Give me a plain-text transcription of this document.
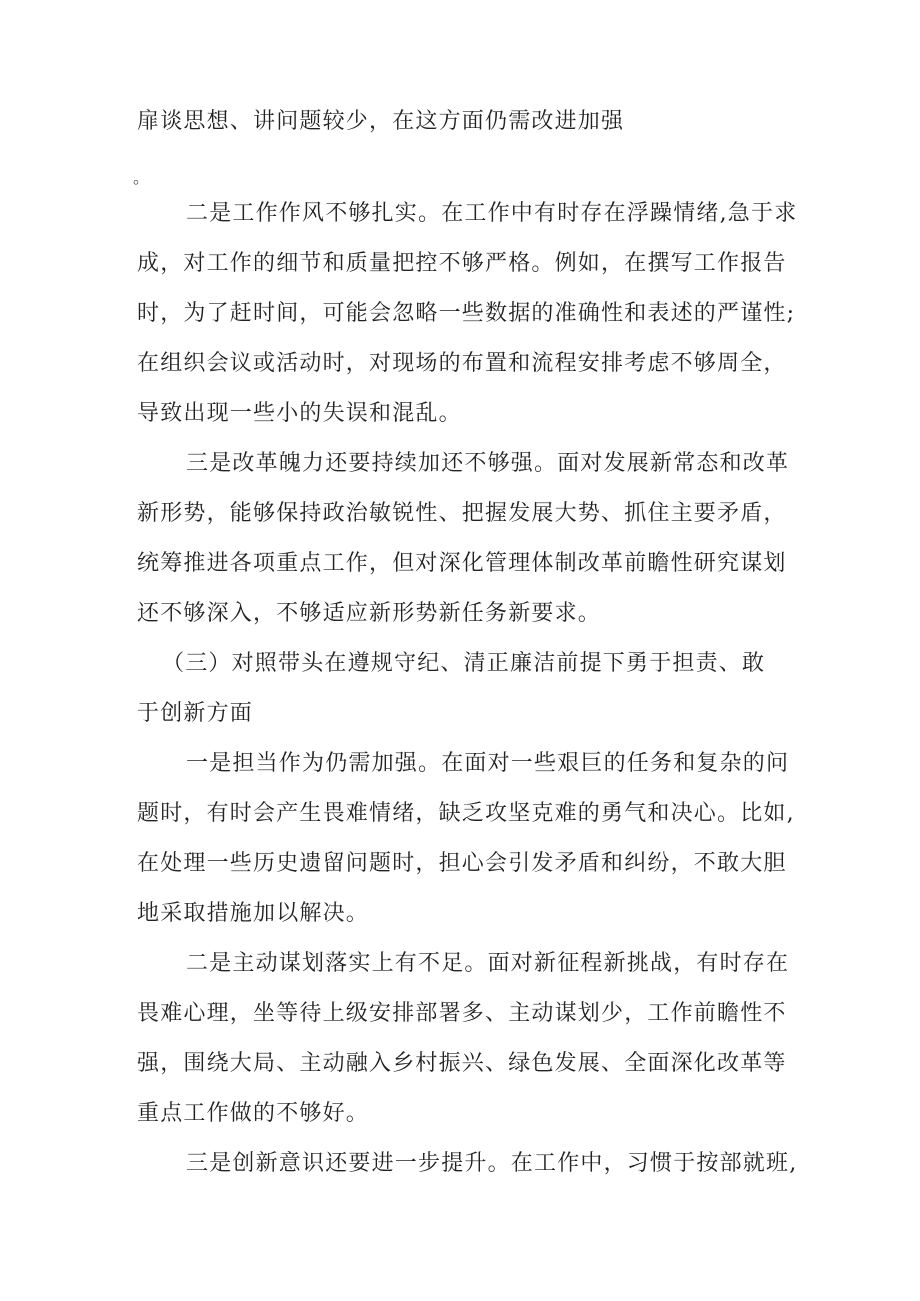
扉谈思想、讲问题较少，在这方面仍需改进加强
。
二是工作作风不够扎实。在工作中有时存在浮躁情绪,急于求
成，对工作的细节和质量把控不够严格。例如，在撰写工作报告
时，为了赶时间，可能会忽略一些数据的准确性和表述的严谨性;
在组织会议或活动时，对现场的布置和流程安排考虑不够周全，
导致出现一些小的失误和混乱。
三是改革魄力还要持续加还不够强。面对发展新常态和改革
新形势，能够保持政治敏锐性、把握发展大势、抓住主要矛盾，
统筹推进各项重点工作，但对深化管理体制改革前瞻性研究谋划
还不够深入，不够适应新形势新任务新要求。
（三）对照带头在遵规守纪、清正廉洁前提下勇于担责、敢
于创新方面
一是担当作为仍需加强。在面对一些艰巨的任务和复杂的问
题时，有时会产生畏难情绪，缺乏攻坚克难的勇气和决心。比如,
在处理一些历史遗留问题时，担心会引发矛盾和纠纷，不敢大胆
地采取措施加以解决。
二是主动谋划落实上有不足。面对新征程新挑战，有时存在
畏难心理，坐等待上级安排部署多、主动谋划少，工作前瞻性不
强，围绕大局、主动融入乡村振兴、绿色发展、全面深化改革等
重点工作做的不够好。
三是创新意识还要进一步提升。在工作中，习惯于按部就班,
